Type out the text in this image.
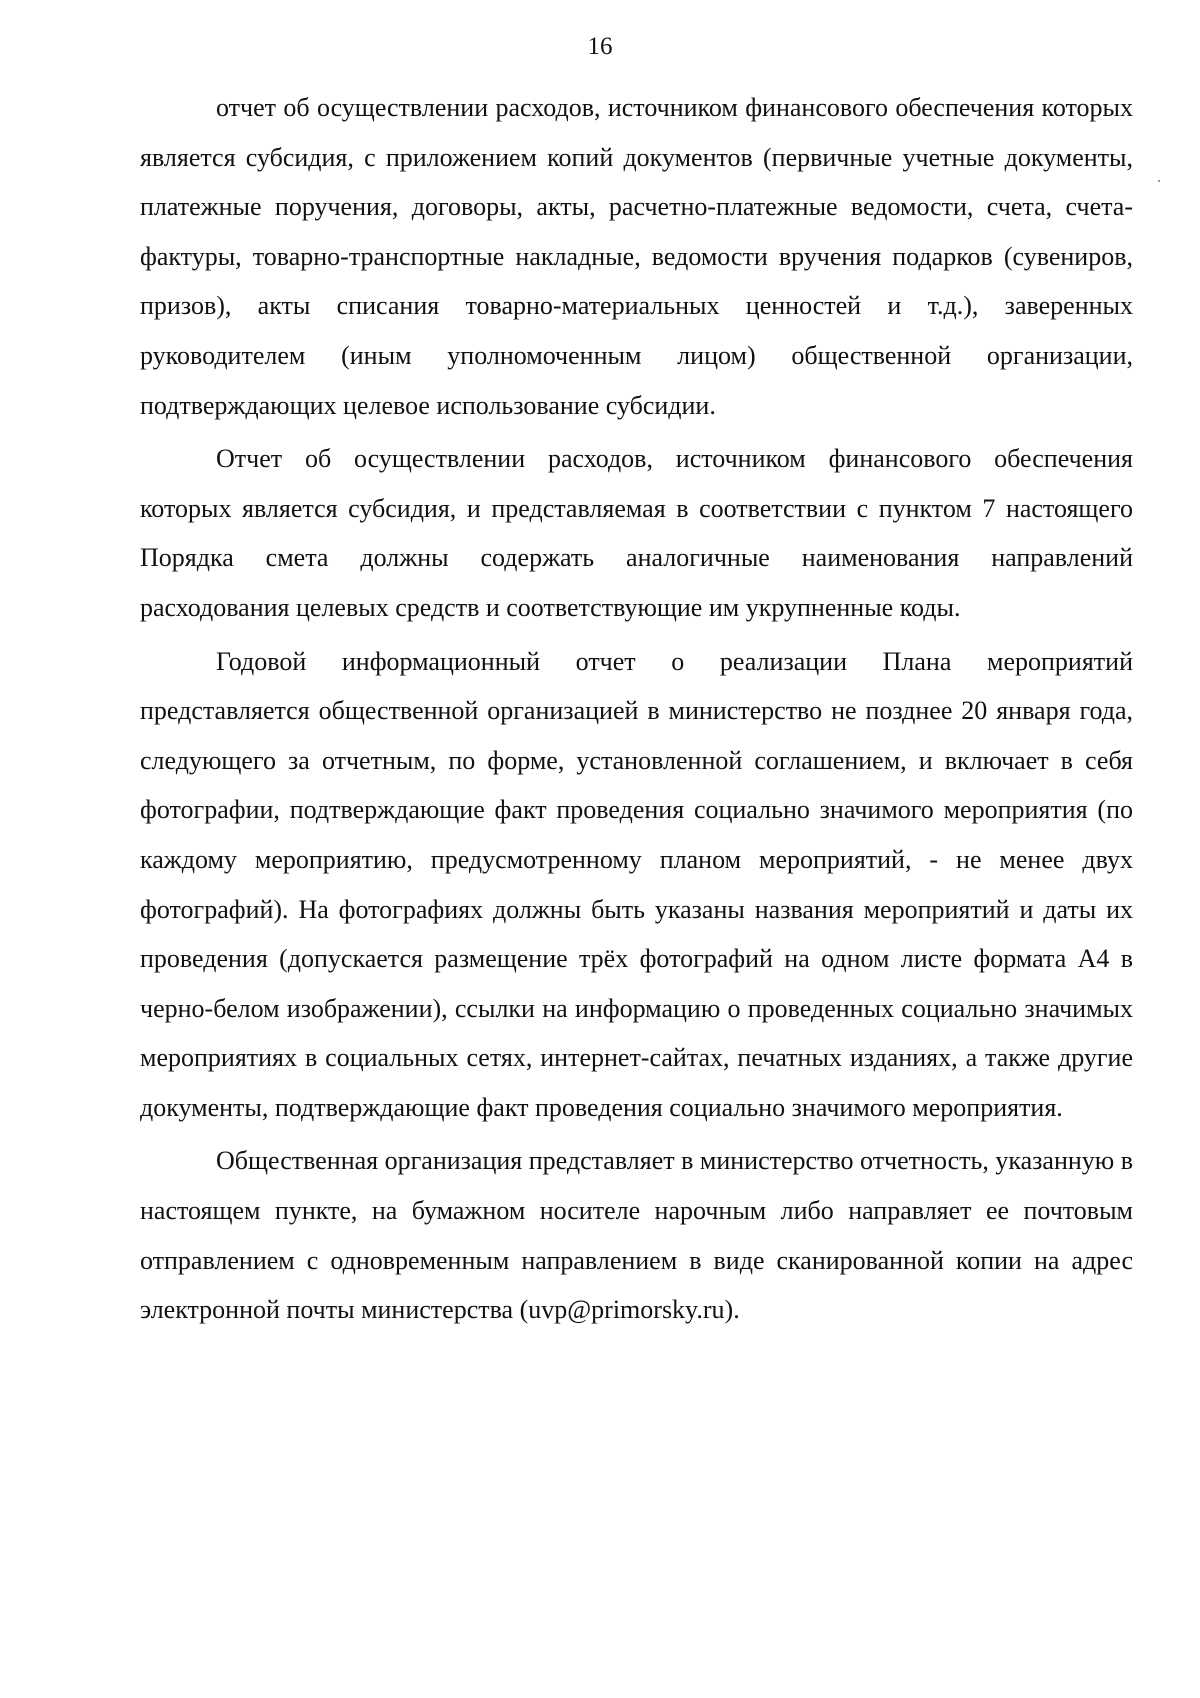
16

отчет об осуществлении расходов, источником финансового обеспечения которых является субсидия, с приложением копий документов (первичные учетные документы, платежные поручения, договоры, акты, расчетно-платежные ведомости, счета, счета-фактуры, товарно-транспортные накладные, ведомости вручения подарков (сувениров, призов), акты списания товарно-материальных ценностей и т.д.), заверенных руководителем (иным уполномоченным лицом) общественной организации, подтверждающих целевое использование субсидии.

Отчет об осуществлении расходов, источником финансового обеспечения которых является субсидия, и представляемая в соответствии с пунктом 7 настоящего Порядка смета должны содержать аналогичные наименования направлений расходования целевых средств и соответствующие им укрупненные коды.

Годовой информационный отчет о реализации Плана мероприятий представляется общественной организацией в министерство не позднее 20 января года, следующего за отчетным, по форме, установленной соглашением, и включает в себя фотографии, подтверждающие факт проведения социально значимого мероприятия (по каждому мероприятию, предусмотренному планом мероприятий, - не менее двух фотографий). На фотографиях должны быть указаны названия мероприятий и даты их проведения (допускается размещение трёх фотографий на одном листе формата А4 в черно-белом изображении), ссылки на информацию о проведенных социально значимых мероприятиях в социальных сетях, интернет-сайтах, печатных изданиях, а также другие документы, подтверждающие факт проведения социально значимого мероприятия.

Общественная организация представляет в министерство отчетность, указанную в настоящем пункте, на бумажном носителе нарочным либо направляет ее почтовым отправлением с одновременным направлением в виде сканированной копии на адрес электронной почты министерства (uvp@primorsky.ru).
